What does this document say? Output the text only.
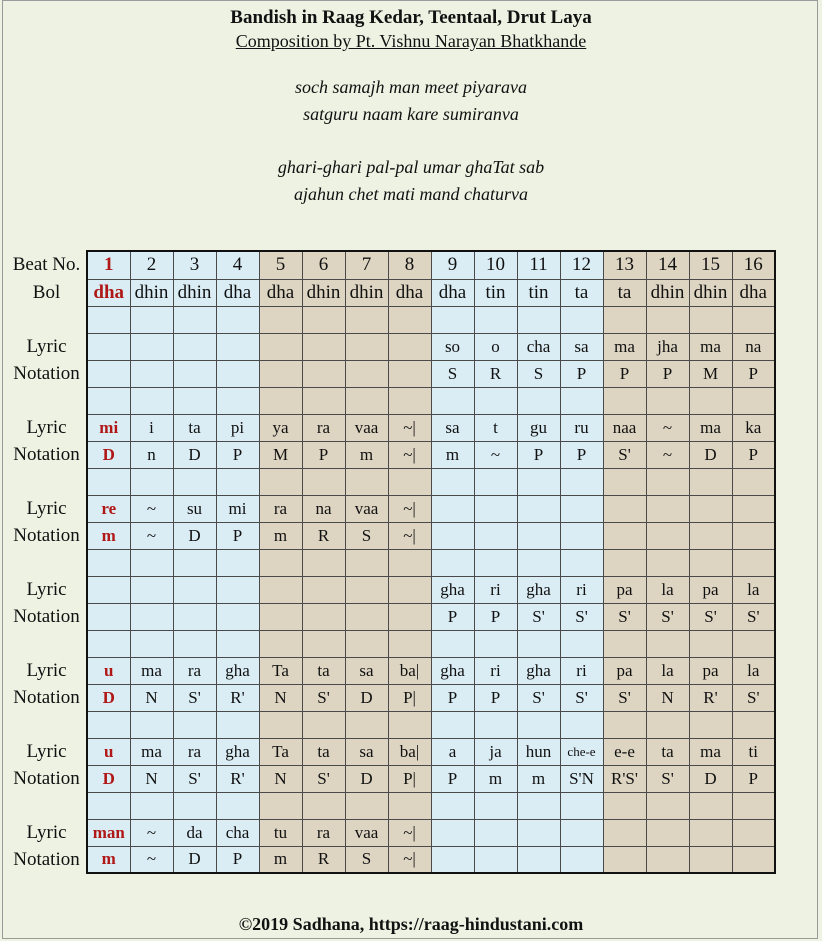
Bandish in Raag Kedar, Teentaal, Drut Laya
Composition by Pt. Vishnu Narayan Bhatkhande
soch samajh man meet piyarava
satguru naam kare sumiranva
ghari-ghari pal-pal umar ghaTat sab
ajahun chet mati mand chaturva
Beat No.	1	2	3	4	5	6	7	8	9	10	11	12	13	14	15	16
Bol	dha	dhin	dhin	dha	dha	dhin	dhin	dha	dha	tin	tin	ta	ta	dhin	dhin	dha

Lyric									so	o	cha	sa	ma	jha	ma	na
Notation									S	R	S	P	P	P	M	P

Lyric	mi	i	ta	pi	ya	ra	vaa	~|	sa	t	gu	ru	naa	~	ma	ka
Notation	D	n	D	P	M	P	m	~|	m	~	P	P	S'	~	D	P

Lyric	re	~	su	mi	ra	na	vaa	~|								
Notation	m	~	D	P	m	R	S	~|								

Lyric									gha	ri	gha	ri	pa	la	pa	la
Notation									P	P	S'	S'	S'	S'	S'	S'

Lyric	u	ma	ra	gha	Ta	ta	sa	ba|	gha	ri	gha	ri	pa	la	pa	la
Notation	D	N	S'	R'	N	S'	D	P|	P	P	S'	S'	S'	N	R'	S'

Lyric	u	ma	ra	gha	Ta	ta	sa	ba|	a	ja	hun	che-e	e-e	ta	ma	ti
Notation	D	N	S'	R'	N	S'	D	P|	P	m	m	S'N	R'S'	S'	D	P

Lyric	man	~	da	cha	tu	ra	vaa	~|								
Notation	m	~	D	P	m	R	S	~|								
©2019 Sadhana, https://raag-hindustani.com
